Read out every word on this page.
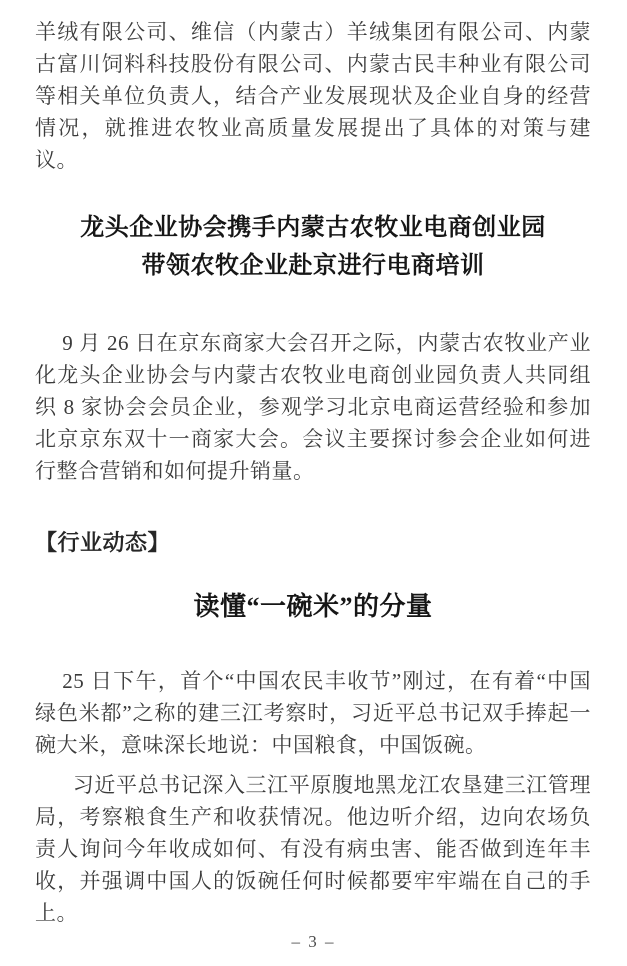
羊绒有限公司、维信（内蒙古）羊绒集团有限公司、内蒙古富川饲料科技股份有限公司、内蒙古民丰种业有限公司等相关单位负责人，结合产业发展现状及企业自身的经营情况，就推进农牧业高质量发展提出了具体的对策与建议。

龙头企业协会携手内蒙古农牧业电商创业园
带领农牧企业赴京进行电商培训

9 月 26 日在京东商家大会召开之际，内蒙古农牧业产业化龙头企业协会与内蒙古农牧业电商创业园负责人共同组织 8 家协会会员企业，参观学习北京电商运营经验和参加北京京东双十一商家大会。会议主要探讨参会企业如何进行整合营销和如何提升销量。

【行业动态】
读懂“一碗米”的分量

25 日下午，首个“中国农民丰收节”刚过，在有着“中国绿色米都”之称的建三江考察时，习近平总书记双手捧起一碗大米，意味深长地说：中国粮食，中国饭碗。

习近平总书记深入三江平原腹地黑龙江农垦建三江管理局，考察粮食生产和收获情况。他边听介绍，边向农场负责人询问今年收成如何、有没有病虫害、能否做到连年丰收，并强调中国人的饭碗任何时候都要牢牢端在自己的手上。

– 3 –
